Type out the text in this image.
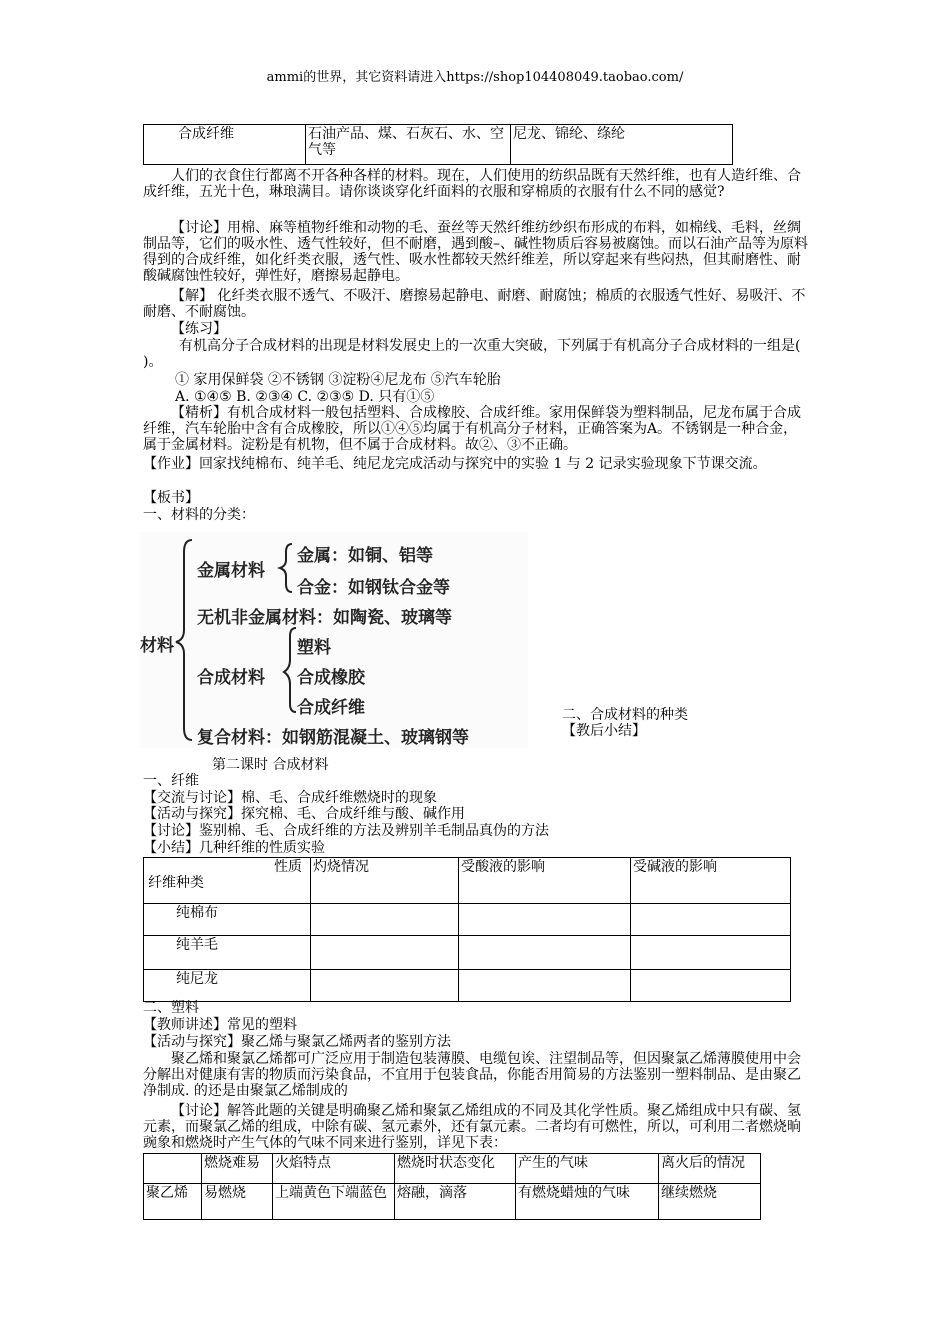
ammi的世界，其它资料请进入https://shop104408049.taobao.com/
合成纤维	石油产品、煤、石灰石、水、空气等	尼龙、锦纶、绦纶
人们的衣食住行都离不开各种各样的材料。现在，人们使用的纺织品既有天然纤维，也有人造纤维、合成纤维，五光十色，琳琅满目。请你谈谈穿化纤面料的衣服和穿棉质的衣服有什么不同的感觉?
【讨论】用棉、麻等植物纤维和动物的毛、蚕丝等天然纤维纺纱织布形成的布料，如棉线、毛料，丝绸制品等，它们的吸水性、透气性较好，但不耐磨，遇到酸–、碱性物质后容易被腐蚀。而以石油产品等为原料得到的合成纤维，如化纤类衣服，透气性、吸水性都较天然纤维差，所以穿起来有些闷热，但其耐磨性、耐酸碱腐蚀性较好，弹性好，磨擦易起静电。
【解】 化纤类衣服不透气、不吸汗、磨擦易起静电、耐磨、耐腐蚀；棉质的衣服透气性好、易吸汗、不耐磨、不耐腐蚀。
【练习】
有机高分子合成材料的出现是材料发展史上的一次重大突破，下列属于有机高分子合成材料的一组是( )。
① 家用保鲜袋 ②不锈钢 ③淀粉④尼龙布 ⑤汽车轮胎
A. ①④⑤ B. ②③④ C. ②③⑤ D. 只有①⑤
【精析】有机合成材料一般包括塑料、合成橡胶、合成纤维。家用保鲜袋为塑料制品，尼龙布属于合成纤维，汽车轮胎中含有合成橡胶，所以①④⑤均属于有机高分子材料，正确答案为A。不锈钢是一种合金，属于金属材料。淀粉是有机物，但不属于合成材料。故②、③不正确。
【作业】回家找纯棉布、纯羊毛、纯尼龙完成活动与探究中的实验 1 与 2 记录实验现象下节课交流。
【板书】
一、材料的分类：
材料
金属材料
金属：如铜、铝等
合金：如钢钛合金等
无机非金属材料：如陶瓷、玻璃等
合成材料
塑料
合成橡胶
合成纤维
复合材料：如钢筋混凝土、玻璃钢等
二、合成材料的种类
【教后小结】
第二课时 合成材料
一、纤维
【交流与讨论】棉、毛、合成纤维燃烧时的现象
【活动与探究】探究棉、毛、合成纤维与酸、碱作用
【讨论】鉴别棉、毛、合成纤维的方法及辨别羊毛制品真伪的方法
【小结】几种纤维的性质实验
性质
纤维种类	灼烧情况	受酸液的影响	受碱液的影响
纯棉布			
纯羊毛			
纯尼龙			
二、塑料
【教师讲述】常见的塑料
【活动与探究】聚乙烯与聚氯乙烯两者的鉴别方法
聚乙烯和聚氯乙烯都可广泛应用于制造包装薄膜、电缆包诶、注望制品等，但因聚氯乙烯薄膜使用中会分解出对健康有害的物质而污染食品，不宜用于包装食品，你能否用简易的方法鉴别一塑料制品、是由聚乙净制成. 的还是由聚氯乙烯制成的
【讨论】解答此题的关键是明确聚乙烯和聚氯乙烯组成的不同及其化学性质。聚乙烯组成中只有碳、氢元素，而聚氯乙烯的组成，中除有碳、氢元素外，还有氯元素。二者均有可燃性，所以，可利用二者燃烧晌豌象和燃烧时产生气体的气味不同来进行鉴别，详见下表：
	燃烧难易	火焰特点	燃烧时状态变化	产生的气味	离火后的情况
聚乙烯	易燃烧	上端黄色下端蓝色	熔融，滴落	有燃烧蜡烛的气味	继续燃烧
